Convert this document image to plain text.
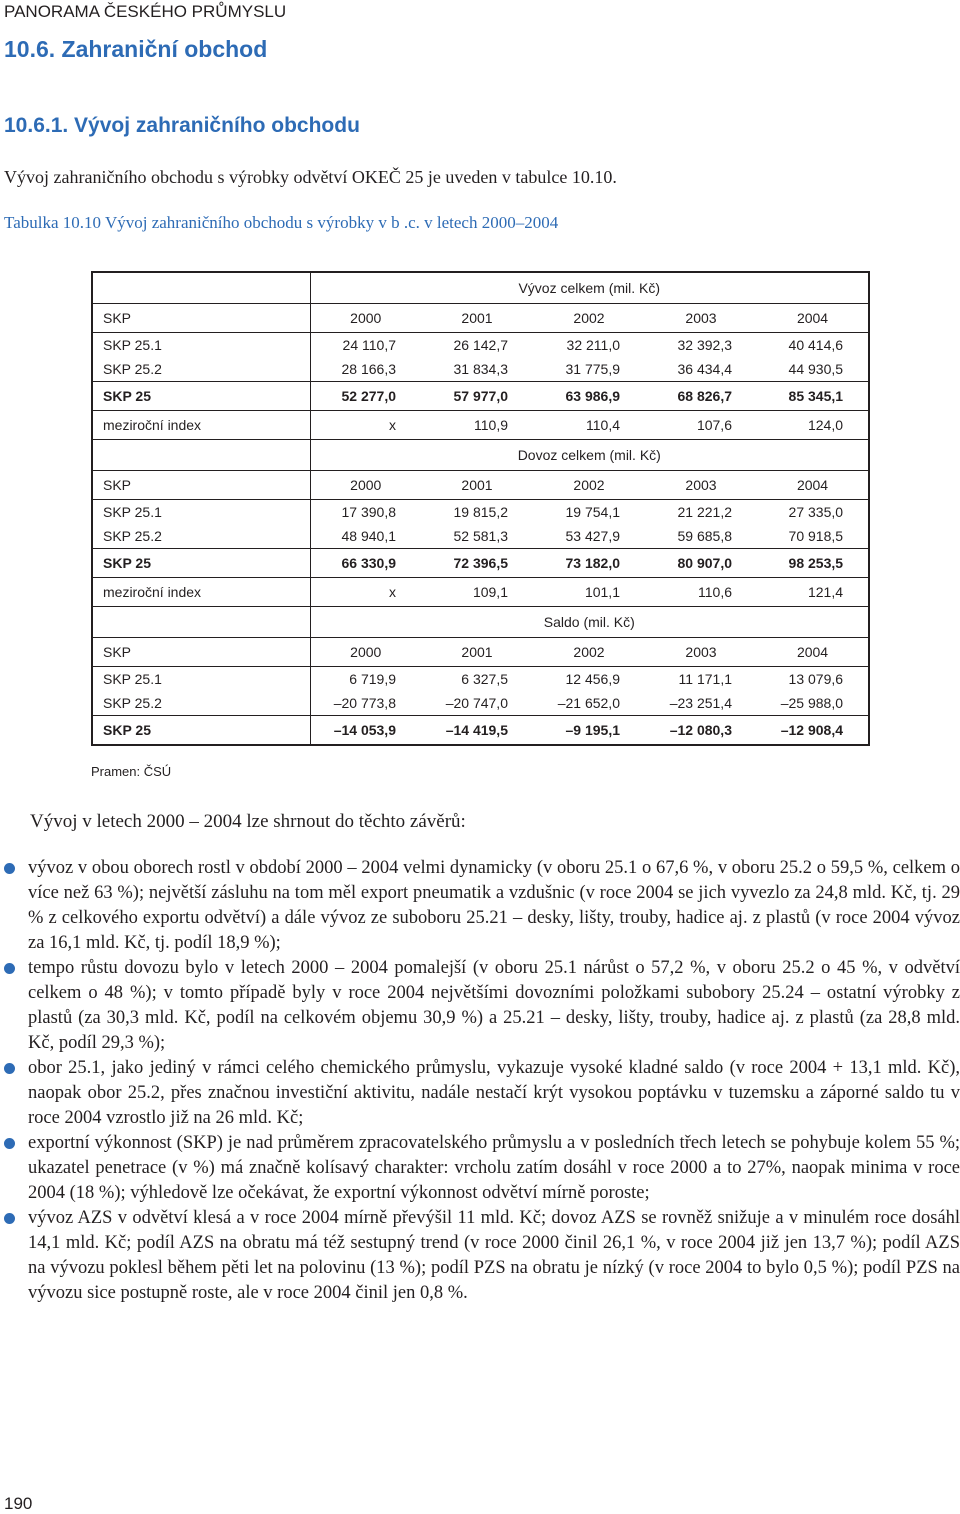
PANORAMA ČESKÉHO PRŮMYSLU
10.6. Zahraniční obchod
10.6.1. Vývoj zahraničního obchodu
Vývoj zahraničního obchodu s výrobky odvětví OKEČ 25 je uveden v tabulce 10.10.
Tabulka 10.10 Vývoj zahraničního obchodu s výrobky v b .c. v letech 2000–2004
	Vývoz celkem (mil. Kč)				
SKP	2000	2001	2002	2003	2004
SKP 25.1	24 110,7	26 142,7	32 211,0	32 392,3	40 414,6
SKP 25.2	28 166,3	31 834,3	31 775,9	36 434,4	44 930,5
SKP 25	52 277,0	57 977,0	63 986,9	68 826,7	85 345,1
meziroční index	x	110,9	110,4	107,6	124,0
	Dovoz celkem (mil. Kč)				
SKP	2000	2001	2002	2003	2004
SKP 25.1	17 390,8	19 815,2	19 754,1	21 221,2	27 335,0
SKP 25.2	48 940,1	52 581,3	53 427,9	59 685,8	70 918,5
SKP 25	66 330,9	72 396,5	73 182,0	80 907,0	98 253,5
meziroční index	x	109,1	101,1	110,6	121,4
	Saldo (mil. Kč)				
SKP	2000	2001	2002	2003	2004
SKP 25.1	6 719,9	6 327,5	12 456,9	11 171,1	13 079,6
SKP 25.2	–20 773,8	–20 747,0	–21 652,0	–23 251,4	–25 988,0
SKP 25	–14 053,9	–14 419,5	–9 195,1	–12 080,3	–12 908,4
Pramen: ČSÚ
Vývoj v letech 2000 – 2004 lze shrnout do těchto závěrů:
vývoz v obou oborech rostl v období 2000 – 2004 velmi dynamicky (v oboru 25.1 o 67,6 %, v oboru 25.2 o 59,5 %, celkem o více než 63 %); největší zásluhu na tom měl export pneumatik a vzdušnic (v roce 2004 se jich vyvezlo za 24,8 mld. Kč, tj. 29 % z celkového exportu odvětví) a dále vývoz ze suboboru 25.21 – desky, lišty, trouby, hadice aj. z plastů (v roce 2004 vývoz za 16,1 mld. Kč, tj. podíl 18,9 %);
tempo růstu dovozu bylo v letech 2000 – 2004 pomalejší (v oboru 25.1 nárůst o 57,2 %, v oboru 25.2 o 45 %, v odvětví celkem o 48 %); v tomto případě byly v roce 2004 největšími dovozními položkami subobory 25.24 – ostatní výrobky z plastů (za 30,3 mld. Kč, podíl na celkovém objemu 30,9 %) a 25.21 – desky, lišty, trouby, hadice aj. z plastů (za 28,8 mld. Kč, podíl 29,3 %);
obor 25.1, jako jediný v rámci celého chemického průmyslu, vykazuje vysoké kladné saldo (v roce 2004 + 13,1 mld. Kč), naopak obor 25.2, přes značnou investiční aktivitu, nadále nestačí krýt vysokou poptávku v tuzemsku a záporné saldo tu v roce 2004 vzrostlo již na 26 mld. Kč;
exportní výkonnost (SKP) je nad průměrem zpracovatelského průmyslu a v posledních třech letech se pohybuje kolem 55 %; ukazatel penetrace (v %) má značně kolísavý charakter: vrcholu zatím dosáhl v roce 2000 a to 27%, naopak minima v roce 2004 (18 %); výhledově lze očekávat, že exportní výkonnost odvětví mírně poroste;
vývoz AZS v odvětví klesá a v roce 2004 mírně převýšil 11 mld. Kč; dovoz AZS se rovněž snižuje a v minulém roce dosáhl 14,1 mld. Kč; podíl AZS na obratu má též sestupný trend (v roce 2000 činil 26,1 %, v roce 2004 již jen 13,7 %); podíl AZS na vývozu poklesl během pěti let na polovinu (13 %); podíl PZS na obratu je nízký (v roce 2004 to bylo 0,5 %); podíl PZS na vývozu sice postupně roste, ale v roce 2004 činil jen 0,8 %.
190
